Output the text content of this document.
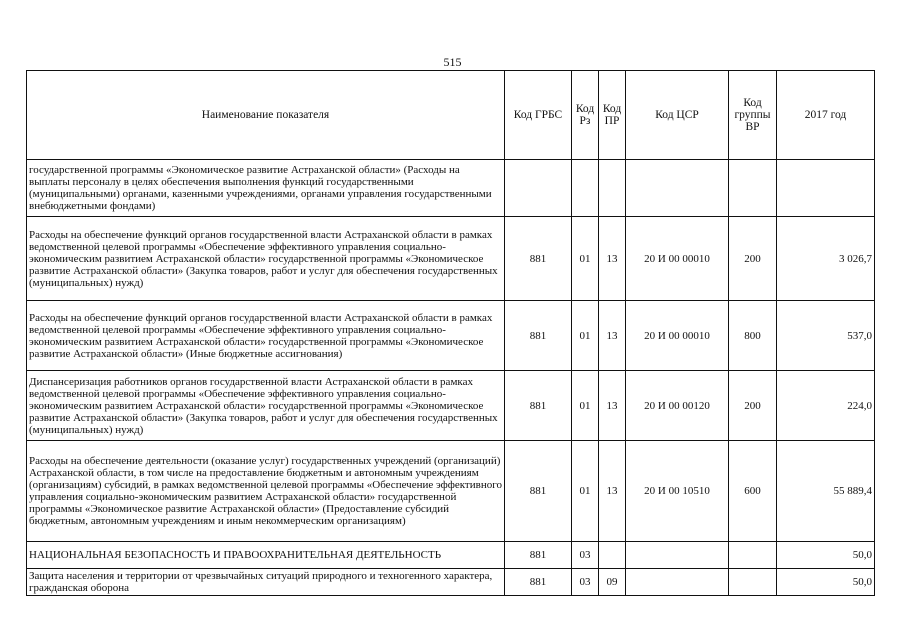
515
Наименование показателя	Код ГРБС	Код Рз	Код ПР	Код ЦСР	Код группы ВР	2017 год
государственной программы «Экономическое развитие Астраханской области» (Расходы на выплаты персоналу в целях обеспечения выполнения функций государственными (муниципальными) органами, казенными учреждениями, органами управления государственными внебюджетными фондами)						
Расходы на обеспечение функций органов государственной власти Астраханской области в рамках ведомственной целевой программы «Обеспечение эффективного управления социально-экономическим развитием Астраханской области» государственной программы «Экономическое развитие Астраханской области» (Закупка товаров, работ и услуг для обеспечения государственных (муниципальных) нужд)	881	01	13	20 И 00 00010	200	3 026,7
Расходы на обеспечение функций органов государственной власти Астраханской области в рамках ведомственной целевой программы «Обеспечение эффективного управления социально-экономическим развитием Астраханской области» государственной программы «Экономическое развитие Астраханской области» (Иные бюджетные ассигнования)	881	01	13	20 И 00 00010	800	537,0
Диспансеризация работников органов государственной власти Астраханской области в рамках ведомственной целевой программы «Обеспечение эффективного управления социально-экономическим развитием Астраханской области» государственной программы «Экономическое развитие Астраханской области» (Закупка товаров, работ и услуг для обеспечения государственных (муниципальных) нужд)	881	01	13	20 И 00 00120	200	224,0
Расходы на обеспечение деятельности (оказание услуг) государственных учреждений (организаций) Астраханской области, в том числе на предоставление бюджетным и автономным учреждениям (организациям) субсидий, в рамках ведомственной целевой программы «Обеспечение эффективного управления социально-экономическим развитием Астраханской области» государственной программы «Экономическое развитие Астраханской области» (Предоставление субсидий бюджетным, автономным учреждениям и иным некоммерческим организациям)	881	01	13	20 И 00 10510	600	55 889,4
НАЦИОНАЛЬНАЯ БЕЗОПАСНОСТЬ И ПРАВООХРАНИТЕЛЬНАЯ ДЕЯТЕЛЬНОСТЬ	881	03				50,0
Защита населения и территории от чрезвычайных ситуаций природного и техногенного характера, гражданская оборона	881	03	09			50,0
